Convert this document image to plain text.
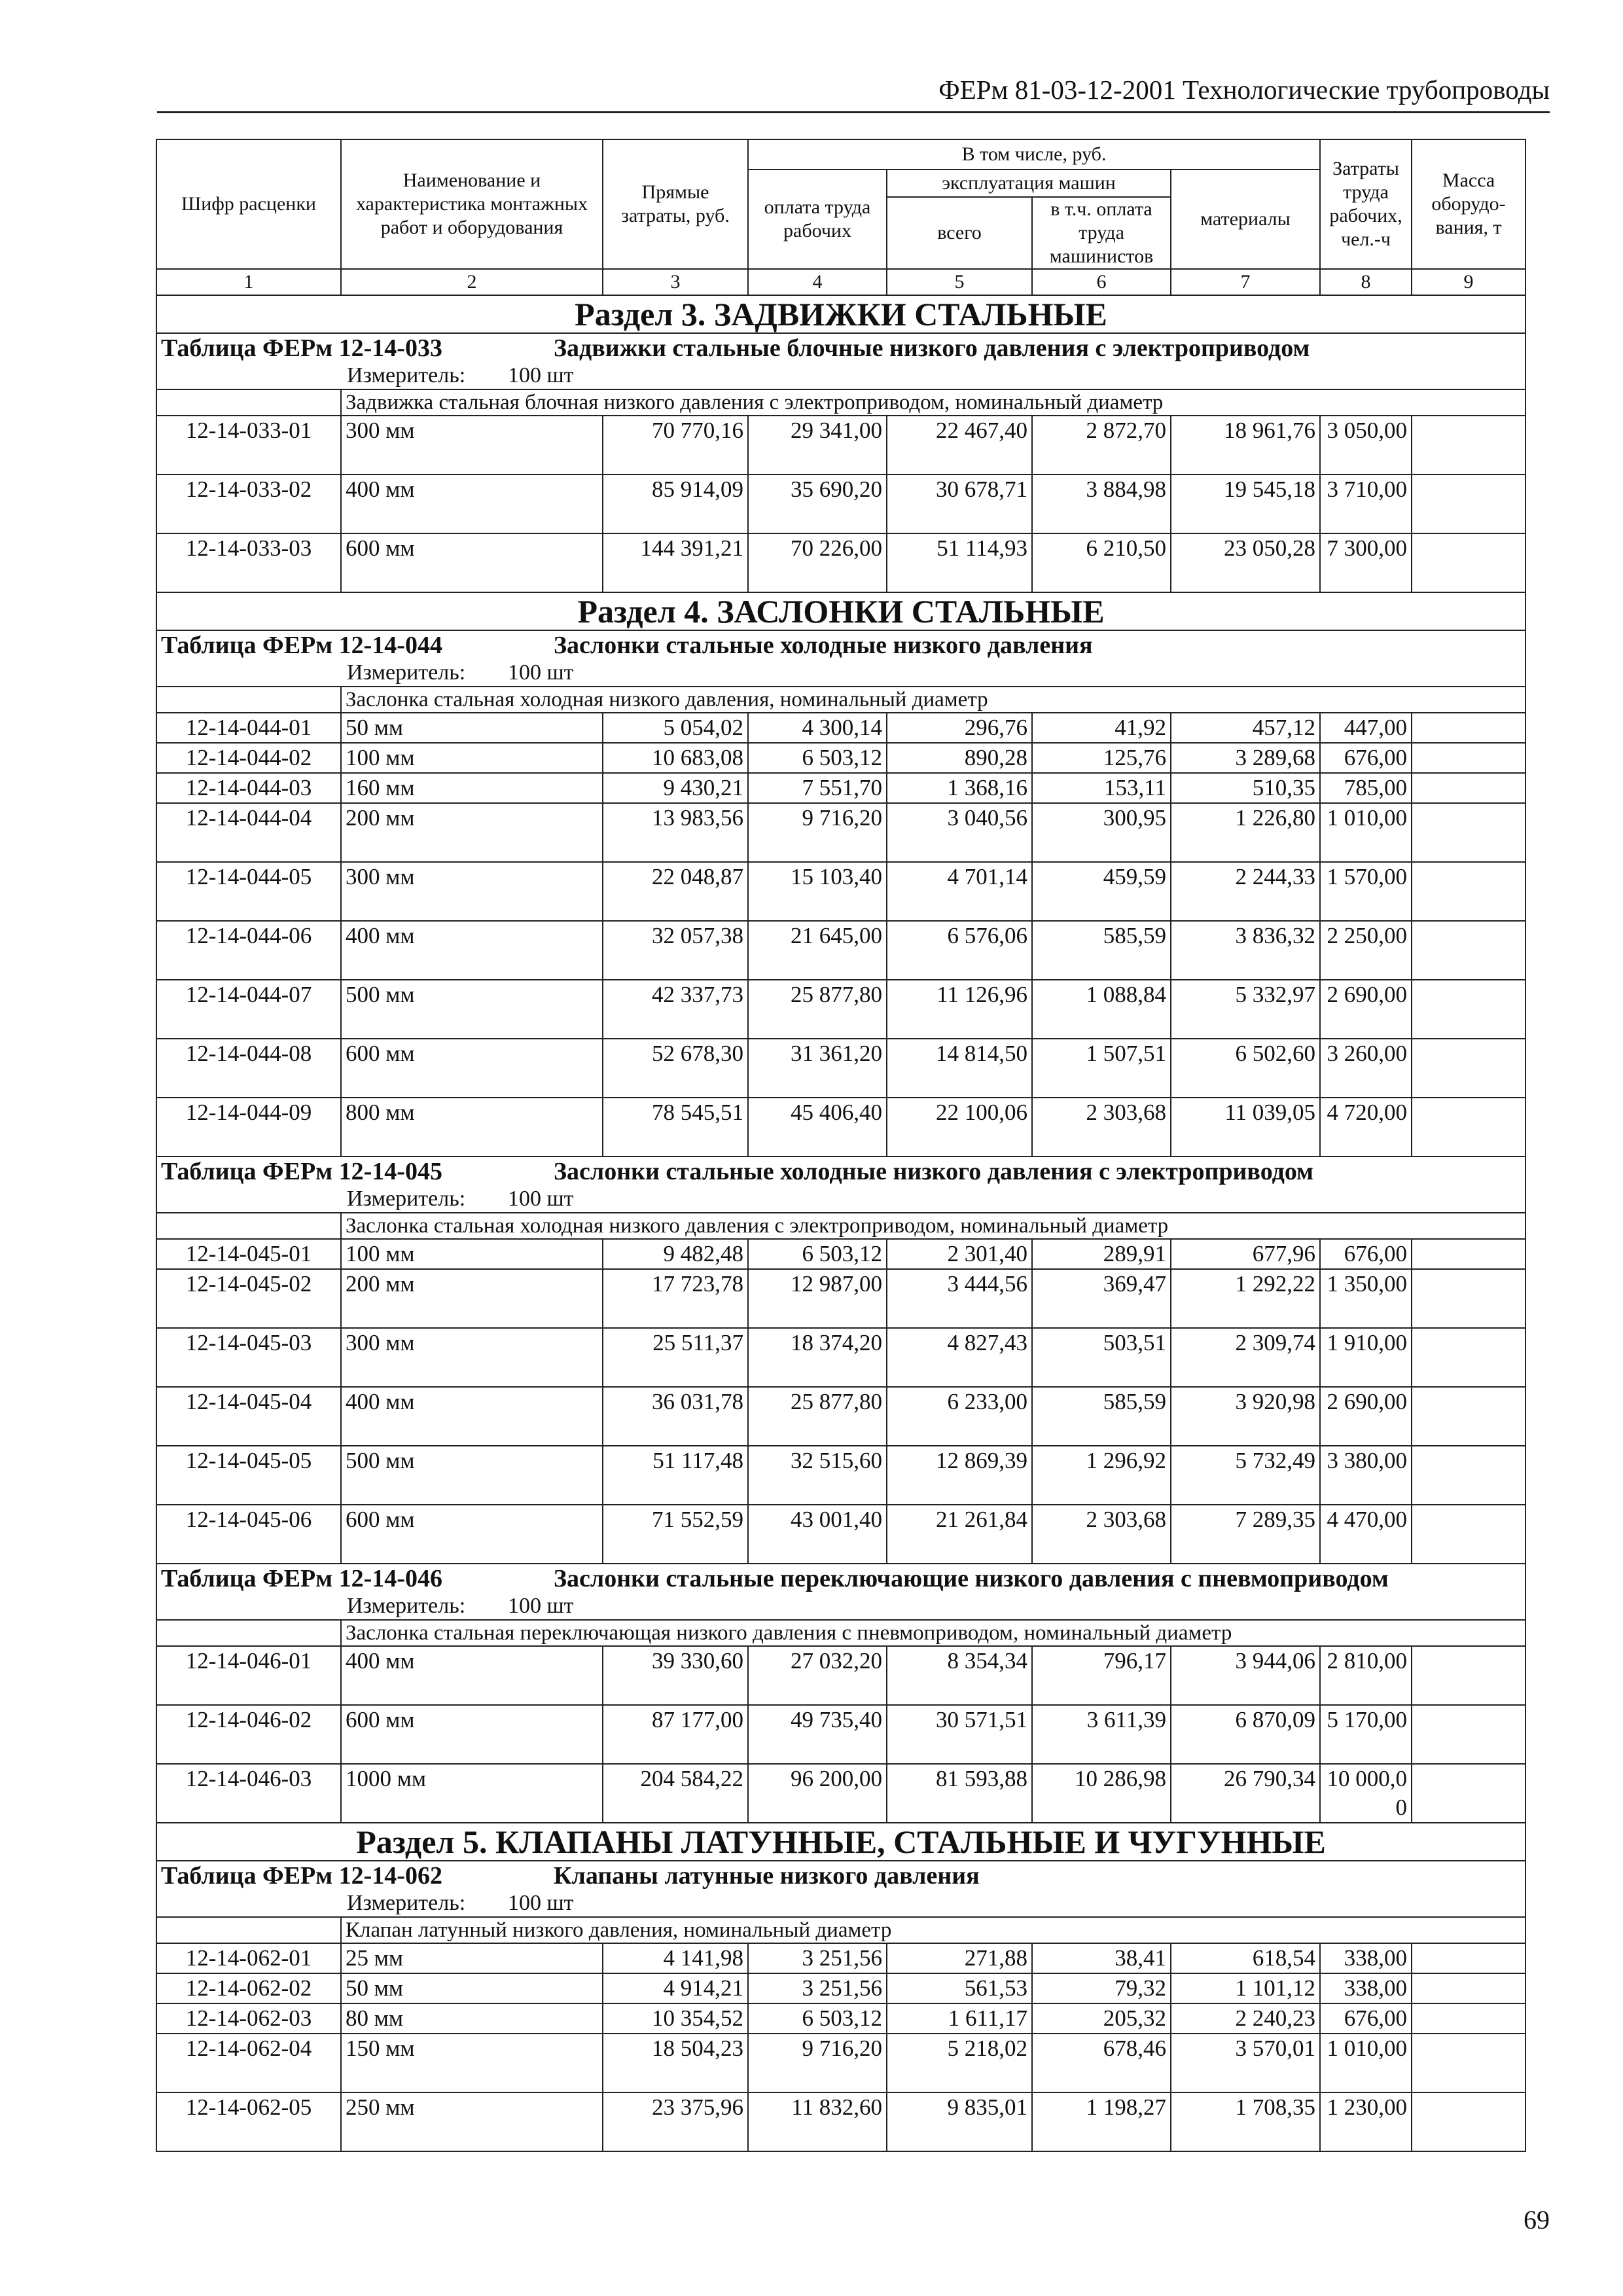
ФЕРм 81-03-12-2001 Технологические трубопроводы
Шифр расценки	Наименование и характеристика монтажных работ и оборудования	Прямые затраты, руб.	В том числе, руб.				Затраты труда рабочих, чел.-ч	Масса оборудо-вания, т
			оплата труда рабочих	эксплуатация машин		материалы		
				всего	в т.ч. оплата труда машинистов			
1	2	3	4	5	6	7	8	9
Раздел 3. ЗАДВИЖКИ СТАЛЬНЫЕ								
Таблица ФЕРм 12-14-033 Задвижки стальные блочные низкого давления с электроприводом								
Измеритель: 100 шт								
	Задвижка стальная блочная низкого давления с электроприводом, номинальный диаметр							
12-14-033-01	300 мм	70 770,16	29 341,00	22 467,40	2 872,70	18 961,76	3 050,00	
12-14-033-02	400 мм	85 914,09	35 690,20	30 678,71	3 884,98	19 545,18	3 710,00	
12-14-033-03	600 мм	144 391,21	70 226,00	51 114,93	6 210,50	23 050,28	7 300,00	
Раздел 4. ЗАСЛОНКИ СТАЛЬНЫЕ								
Таблица ФЕРм 12-14-044 Заслонки стальные холодные низкого давления								
Измеритель: 100 шт								
	Заслонка стальная холодная низкого давления, номинальный диаметр							
12-14-044-01	50 мм	5 054,02	4 300,14	296,76	41,92	457,12	447,00	
12-14-044-02	100 мм	10 683,08	6 503,12	890,28	125,76	3 289,68	676,00	
12-14-044-03	160 мм	9 430,21	7 551,70	1 368,16	153,11	510,35	785,00	
12-14-044-04	200 мм	13 983,56	9 716,20	3 040,56	300,95	1 226,80	1 010,00	
12-14-044-05	300 мм	22 048,87	15 103,40	4 701,14	459,59	2 244,33	1 570,00	
12-14-044-06	400 мм	32 057,38	21 645,00	6 576,06	585,59	3 836,32	2 250,00	
12-14-044-07	500 мм	42 337,73	25 877,80	11 126,96	1 088,84	5 332,97	2 690,00	
12-14-044-08	600 мм	52 678,30	31 361,20	14 814,50	1 507,51	6 502,60	3 260,00	
12-14-044-09	800 мм	78 545,51	45 406,40	22 100,06	2 303,68	11 039,05	4 720,00	
Таблица ФЕРм 12-14-045 Заслонки стальные холодные низкого давления с электроприводом								
Измеритель: 100 шт								
	Заслонка стальная холодная низкого давления с электроприводом, номинальный диаметр							
12-14-045-01	100 мм	9 482,48	6 503,12	2 301,40	289,91	677,96	676,00	
12-14-045-02	200 мм	17 723,78	12 987,00	3 444,56	369,47	1 292,22	1 350,00	
12-14-045-03	300 мм	25 511,37	18 374,20	4 827,43	503,51	2 309,74	1 910,00	
12-14-045-04	400 мм	36 031,78	25 877,80	6 233,00	585,59	3 920,98	2 690,00	
12-14-045-05	500 мм	51 117,48	32 515,60	12 869,39	1 296,92	5 732,49	3 380,00	
12-14-045-06	600 мм	71 552,59	43 001,40	21 261,84	2 303,68	7 289,35	4 470,00	
Таблица ФЕРм 12-14-046 Заслонки стальные переключающие низкого давления с пневмоприводом								
Измеритель: 100 шт								
	Заслонка стальная переключающая низкого давления с пневмоприводом, номинальный диаметр							
12-14-046-01	400 мм	39 330,60	27 032,20	8 354,34	796,17	3 944,06	2 810,00	
12-14-046-02	600 мм	87 177,00	49 735,40	30 571,51	3 611,39	6 870,09	5 170,00	
12-14-046-03	1000 мм	204 584,22	96 200,00	81 593,88	10 286,98	26 790,34	10 000,00	
Раздел 5. КЛАПАНЫ ЛАТУННЫЕ, СТАЛЬНЫЕ И ЧУГУННЫЕ								
Таблица ФЕРм 12-14-062 Клапаны латунные низкого давления								
Измеритель: 100 шт								
	Клапан латунный низкого давления, номинальный диаметр							
12-14-062-01	25 мм	4 141,98	3 251,56	271,88	38,41	618,54	338,00	
12-14-062-02	50 мм	4 914,21	3 251,56	561,53	79,32	1 101,12	338,00	
12-14-062-03	80 мм	10 354,52	6 503,12	1 611,17	205,32	2 240,23	676,00	
12-14-062-04	150 мм	18 504,23	9 716,20	5 218,02	678,46	3 570,01	1 010,00	
12-14-062-05	250 мм	23 375,96	11 832,60	9 835,01	1 198,27	1 708,35	1 230,00	
69
